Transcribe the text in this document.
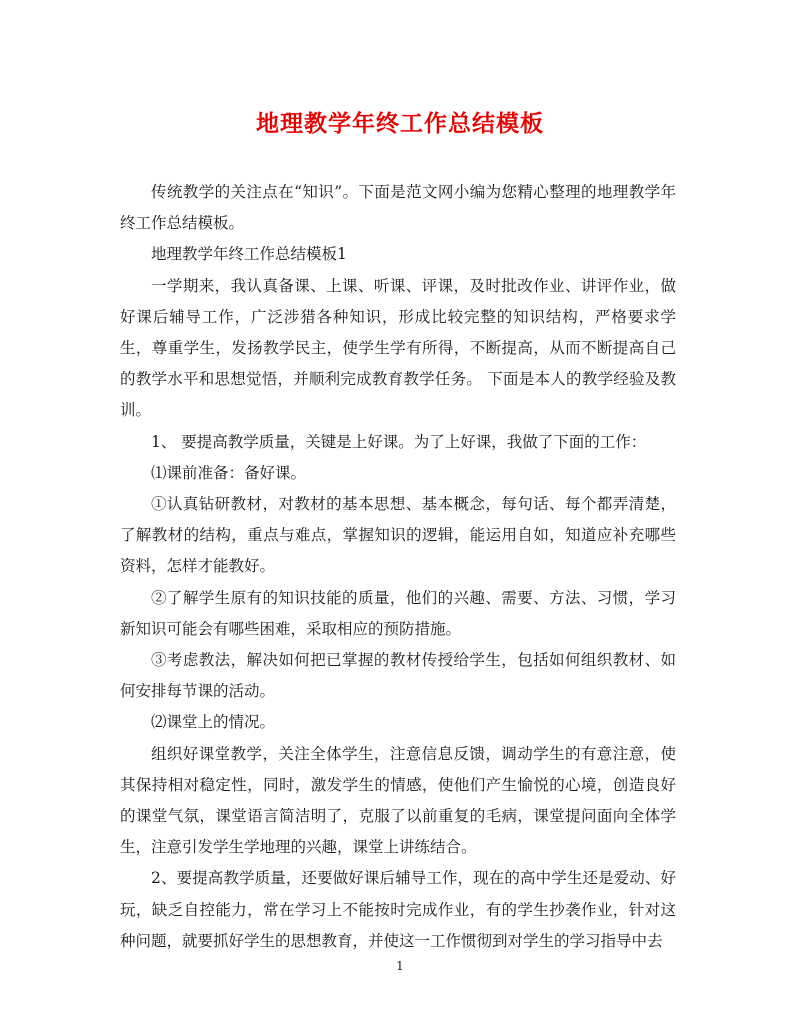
地理教学年终工作总结模板

传统教学的关注点在“知识”。下面是范文网小编为您精心整理的地理教学年终工作总结模板。

地理教学年终工作总结模板1

一学期来，我认真备课、上课、听课、评课，及时批改作业、讲评作业，做好课后辅导工作，广泛涉猎各种知识，形成比较完整的知识结构，严格要求学生，尊重学生，发扬教学民主，使学生学有所得，不断提高，从而不断提高自己的教学水平和思想觉悟，并顺利完成教育教学任务。 下面是本人的教学经验及教训。

1、 要提高教学质量，关键是上好课。为了上好课，我做了下面的工作：

⑴课前准备：备好课。

①认真钻研教材，对教材的基本思想、基本概念，每句话、每个都弄清楚，了解教材的结构，重点与难点，掌握知识的逻辑，能运用自如，知道应补充哪些资料，怎样才能教好。

②了解学生原有的知识技能的质量，他们的兴趣、需要、方法、习惯，学习新知识可能会有哪些困难，采取相应的预防措施。

③考虑教法，解决如何把已掌握的教材传授给学生，包括如何组织教材、如何安排每节课的活动。

⑵课堂上的情况。

组织好课堂教学，关注全体学生，注意信息反馈，调动学生的有意注意，使其保持相对稳定性，同时，激发学生的情感，使他们产生愉悦的心境，创造良好的课堂气氛，课堂语言简洁明了，克服了以前重复的毛病，课堂提问面向全体学生，注意引发学生学地理的兴趣，课堂上讲练结合。

2、要提高教学质量，还要做好课后辅导工作，现在的高中学生还是爱动、好玩，缺乏自控能力，常在学习上不能按时完成作业，有的学生抄袭作业，针对这种问题，就要抓好学生的思想教育，并使这一工作惯彻到对学生的学习指导中去

1
